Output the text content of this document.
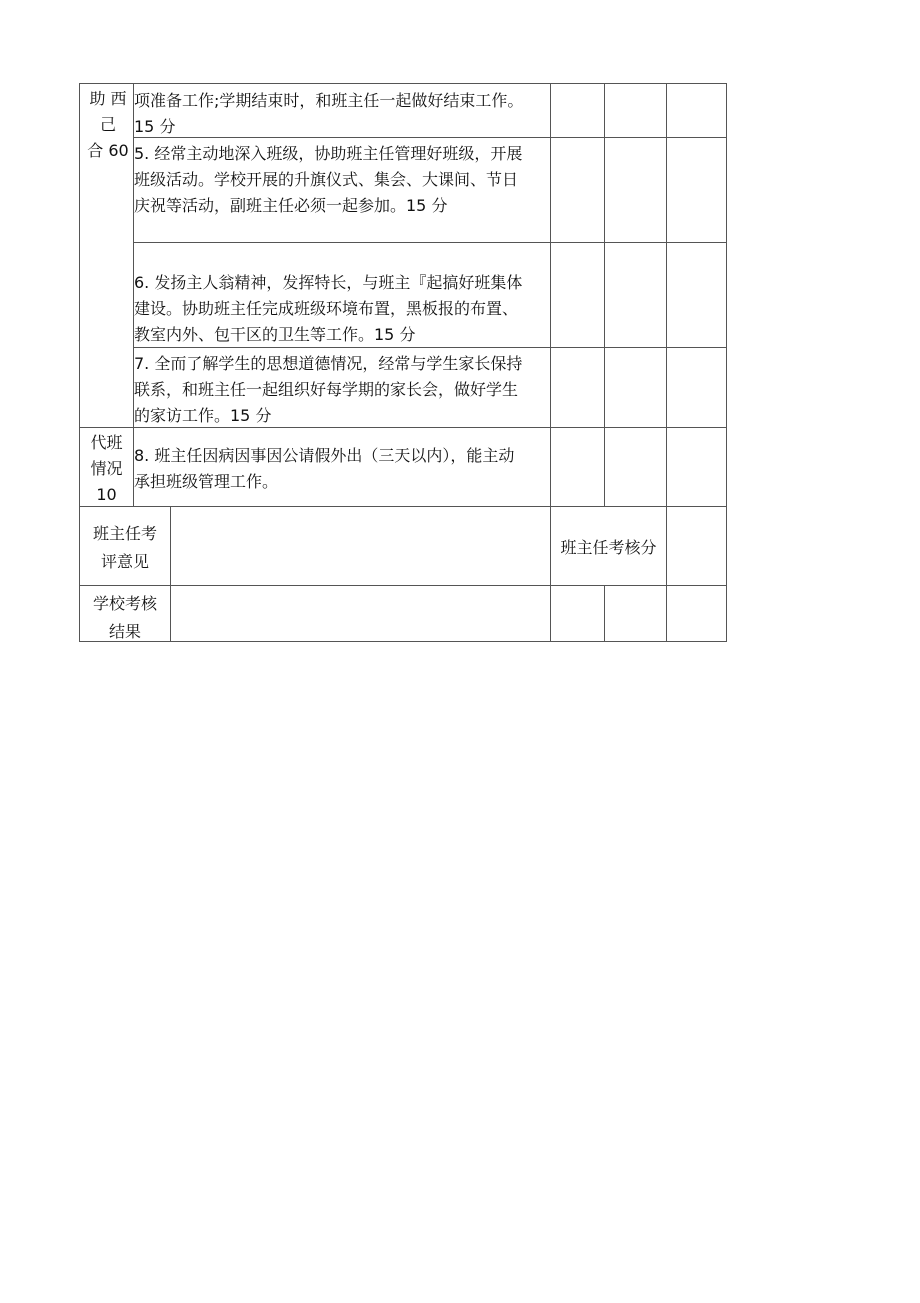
助 西
己
合 60
代班
情况
10
项准备工作;学期结束时，和班主任一起做好结束工作。
15 分
5. 经常主动地深入班级，协助班主任管理好班级，开展
班级活动。学校开展的升旗仪式、集会、大课间、节日
庆祝等活动，副班主任必须一起参加。15 分
6. 发扬主人翁精神，发挥特长，与班主『起搞好班集体
建设。协助班主任完成班级环境布置，黑板报的布置、
教室内外、包干区的卫生等工作。15 分
7. 全而了解学生的思想道德情况，经常与学生家长保持
联系，和班主任一起组织好每学期的家长会，做好学生
的家访工作。15 分
8. 班主任因病因事因公请假外出（三天以内），能主动
承担班级管理工作。
班主任考
评意见
班主任考核分
学校考核
结果
